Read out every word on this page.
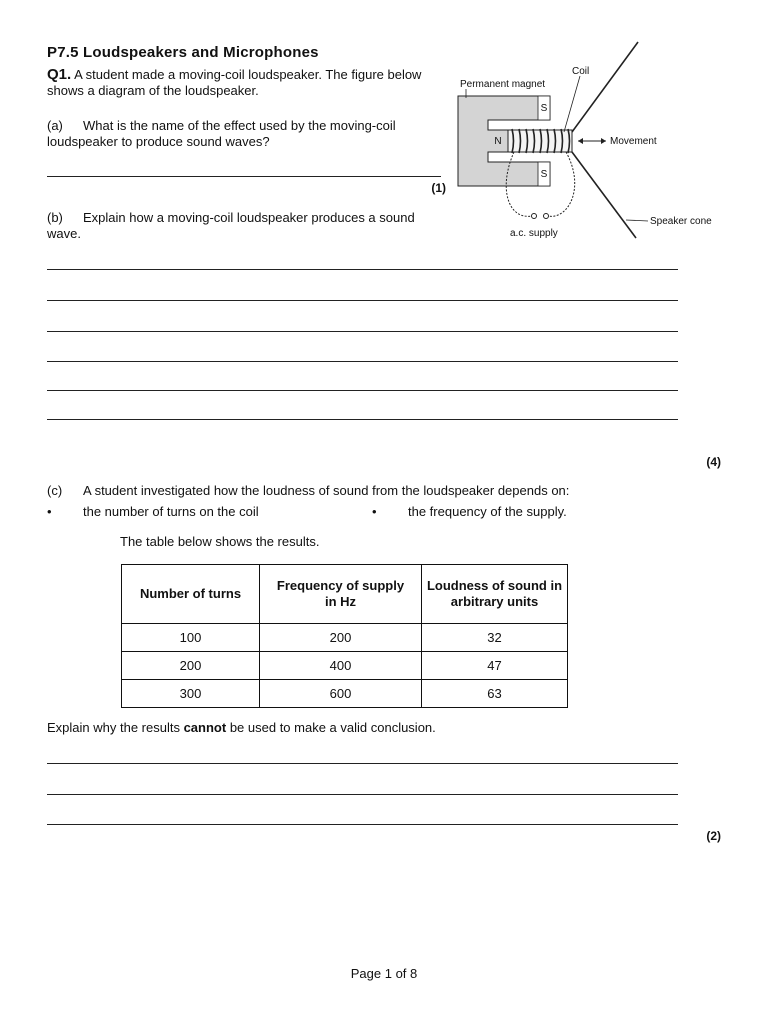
P7.5 Loudspeakers and Microphones
Q1. A student made a moving-coil loudspeaker. The figure below shows a diagram of the loudspeaker.
(a) What is the name of the effect used by the moving-coil loudspeaker to produce sound waves?
(1)
(b) Explain how a moving-coil loudspeaker produces a sound wave.
(4)
(c) A student investigated how the loudness of sound from the loudspeaker depends on:
• the number of turns on the coil	• the frequency of the supply.
The table below shows the results.
Number of turns	Frequency of supply in Hz	Loudness of sound in arbitrary units
100	200	32
200	400	47
300	600	63
Explain why the results cannot be used to make a valid conclusion.
(2)
S
N
S
Permanent magnet
Coil
Movement
Speaker cone
a.c. supply
Page 1 of 8
